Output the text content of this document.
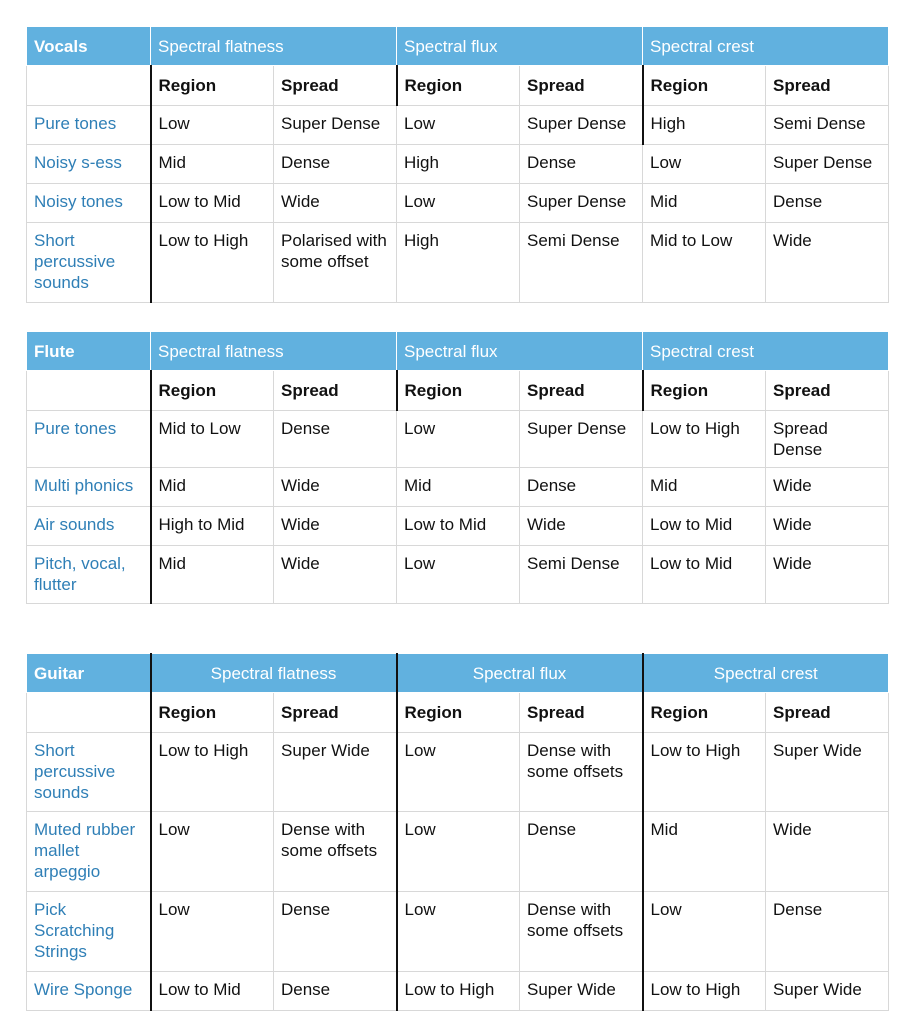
Vocals	Spectral flatness		Spectral flux		Spectral crest	
	Region	Spread	Region	Spread	Region	Spread
Pure tones	Low	Super Dense	Low	Super Dense	High	Semi Dense
Noisy s-ess	Mid	Dense	High	Dense	Low	Super Dense
Noisy tones	Low to Mid	Wide	Low	Super Dense	Mid	Dense
Short percussive sounds	Low to High	Polarised with some offset	High	Semi Dense	Mid to Low	Wide
Flute	Spectral flatness		Spectral flux		Spectral crest	
	Region	Spread	Region	Spread	Region	Spread
Pure tones	Mid to Low	Dense	Low	Super Dense	Low to High	Spread Dense
Multi phonics	Mid	Wide	Mid	Dense	Mid	Wide
Air sounds	High to Mid	Wide	Low to Mid	Wide	Low to Mid	Wide
Pitch, vocal, flutter	Mid	Wide	Low	Semi Dense	Low to Mid	Wide
Guitar	Spectral flatness		Spectral flux		Spectral crest	
	Region	Spread	Region	Spread	Region	Spread
Short percussive sounds	Low to High	Super Wide	Low	Dense with some offsets	Low to High	Super Wide
Muted rubber mallet arpeggio	Low	Dense with some offsets	Low	Dense	Mid	Wide
Pick Scratching Strings	Low	Dense	Low	Dense with some offsets	Low	Dense
Wire Sponge	Low to Mid	Dense	Low to High	Super Wide	Low to High	Super Wide
